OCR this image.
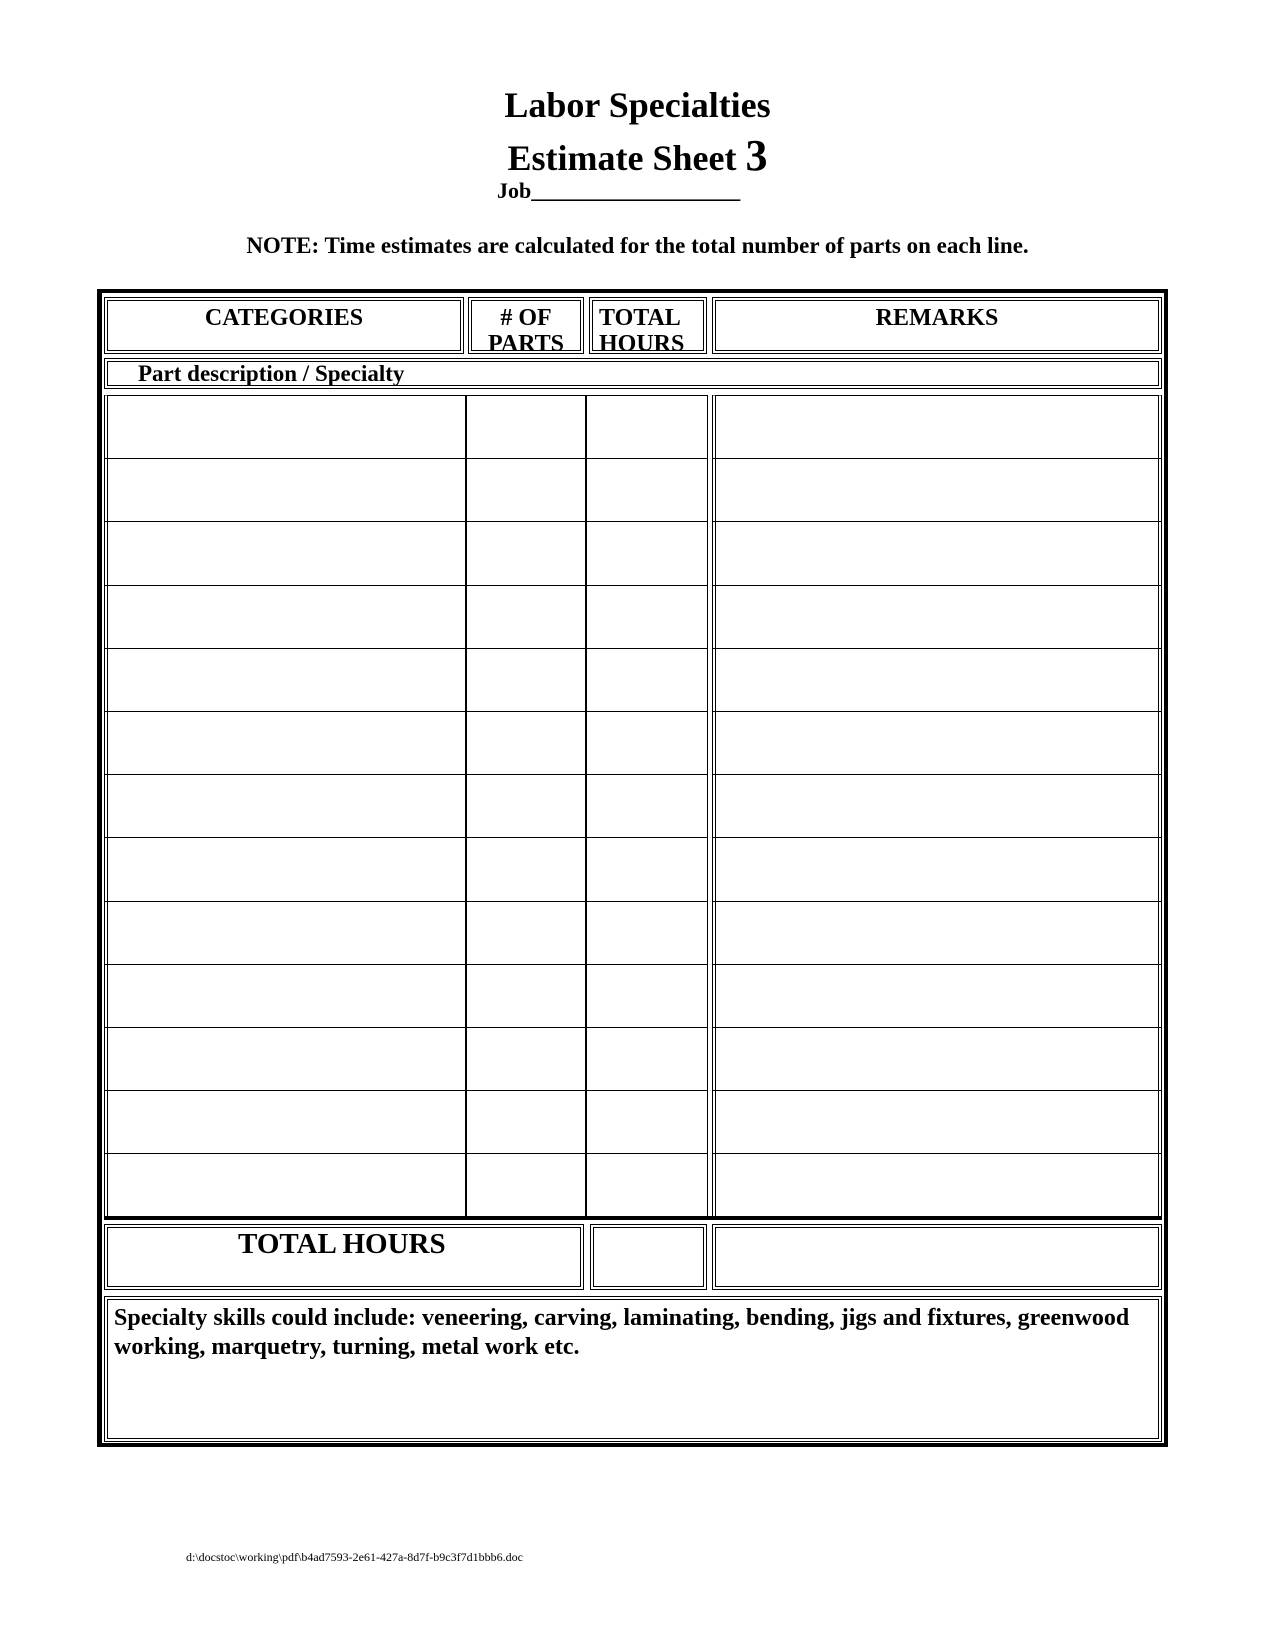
Labor Specialties
Estimate Sheet 3
Job___________________
NOTE: Time estimates are calculated for the total number of parts on each line.
CATEGORIES	# OF
PARTS
TOTAL
HOURS
REMARKS
Part description / Specialty
TOTAL HOURS
Specialty skills could include: veneering, carving, laminating, bending, jigs and fixtures, greenwood working, marquetry, turning, metal work etc.
d:\docstoc\working\pdf\b4ad7593-2e61-427a-8d7f-b9c3f7d1bbb6.doc
